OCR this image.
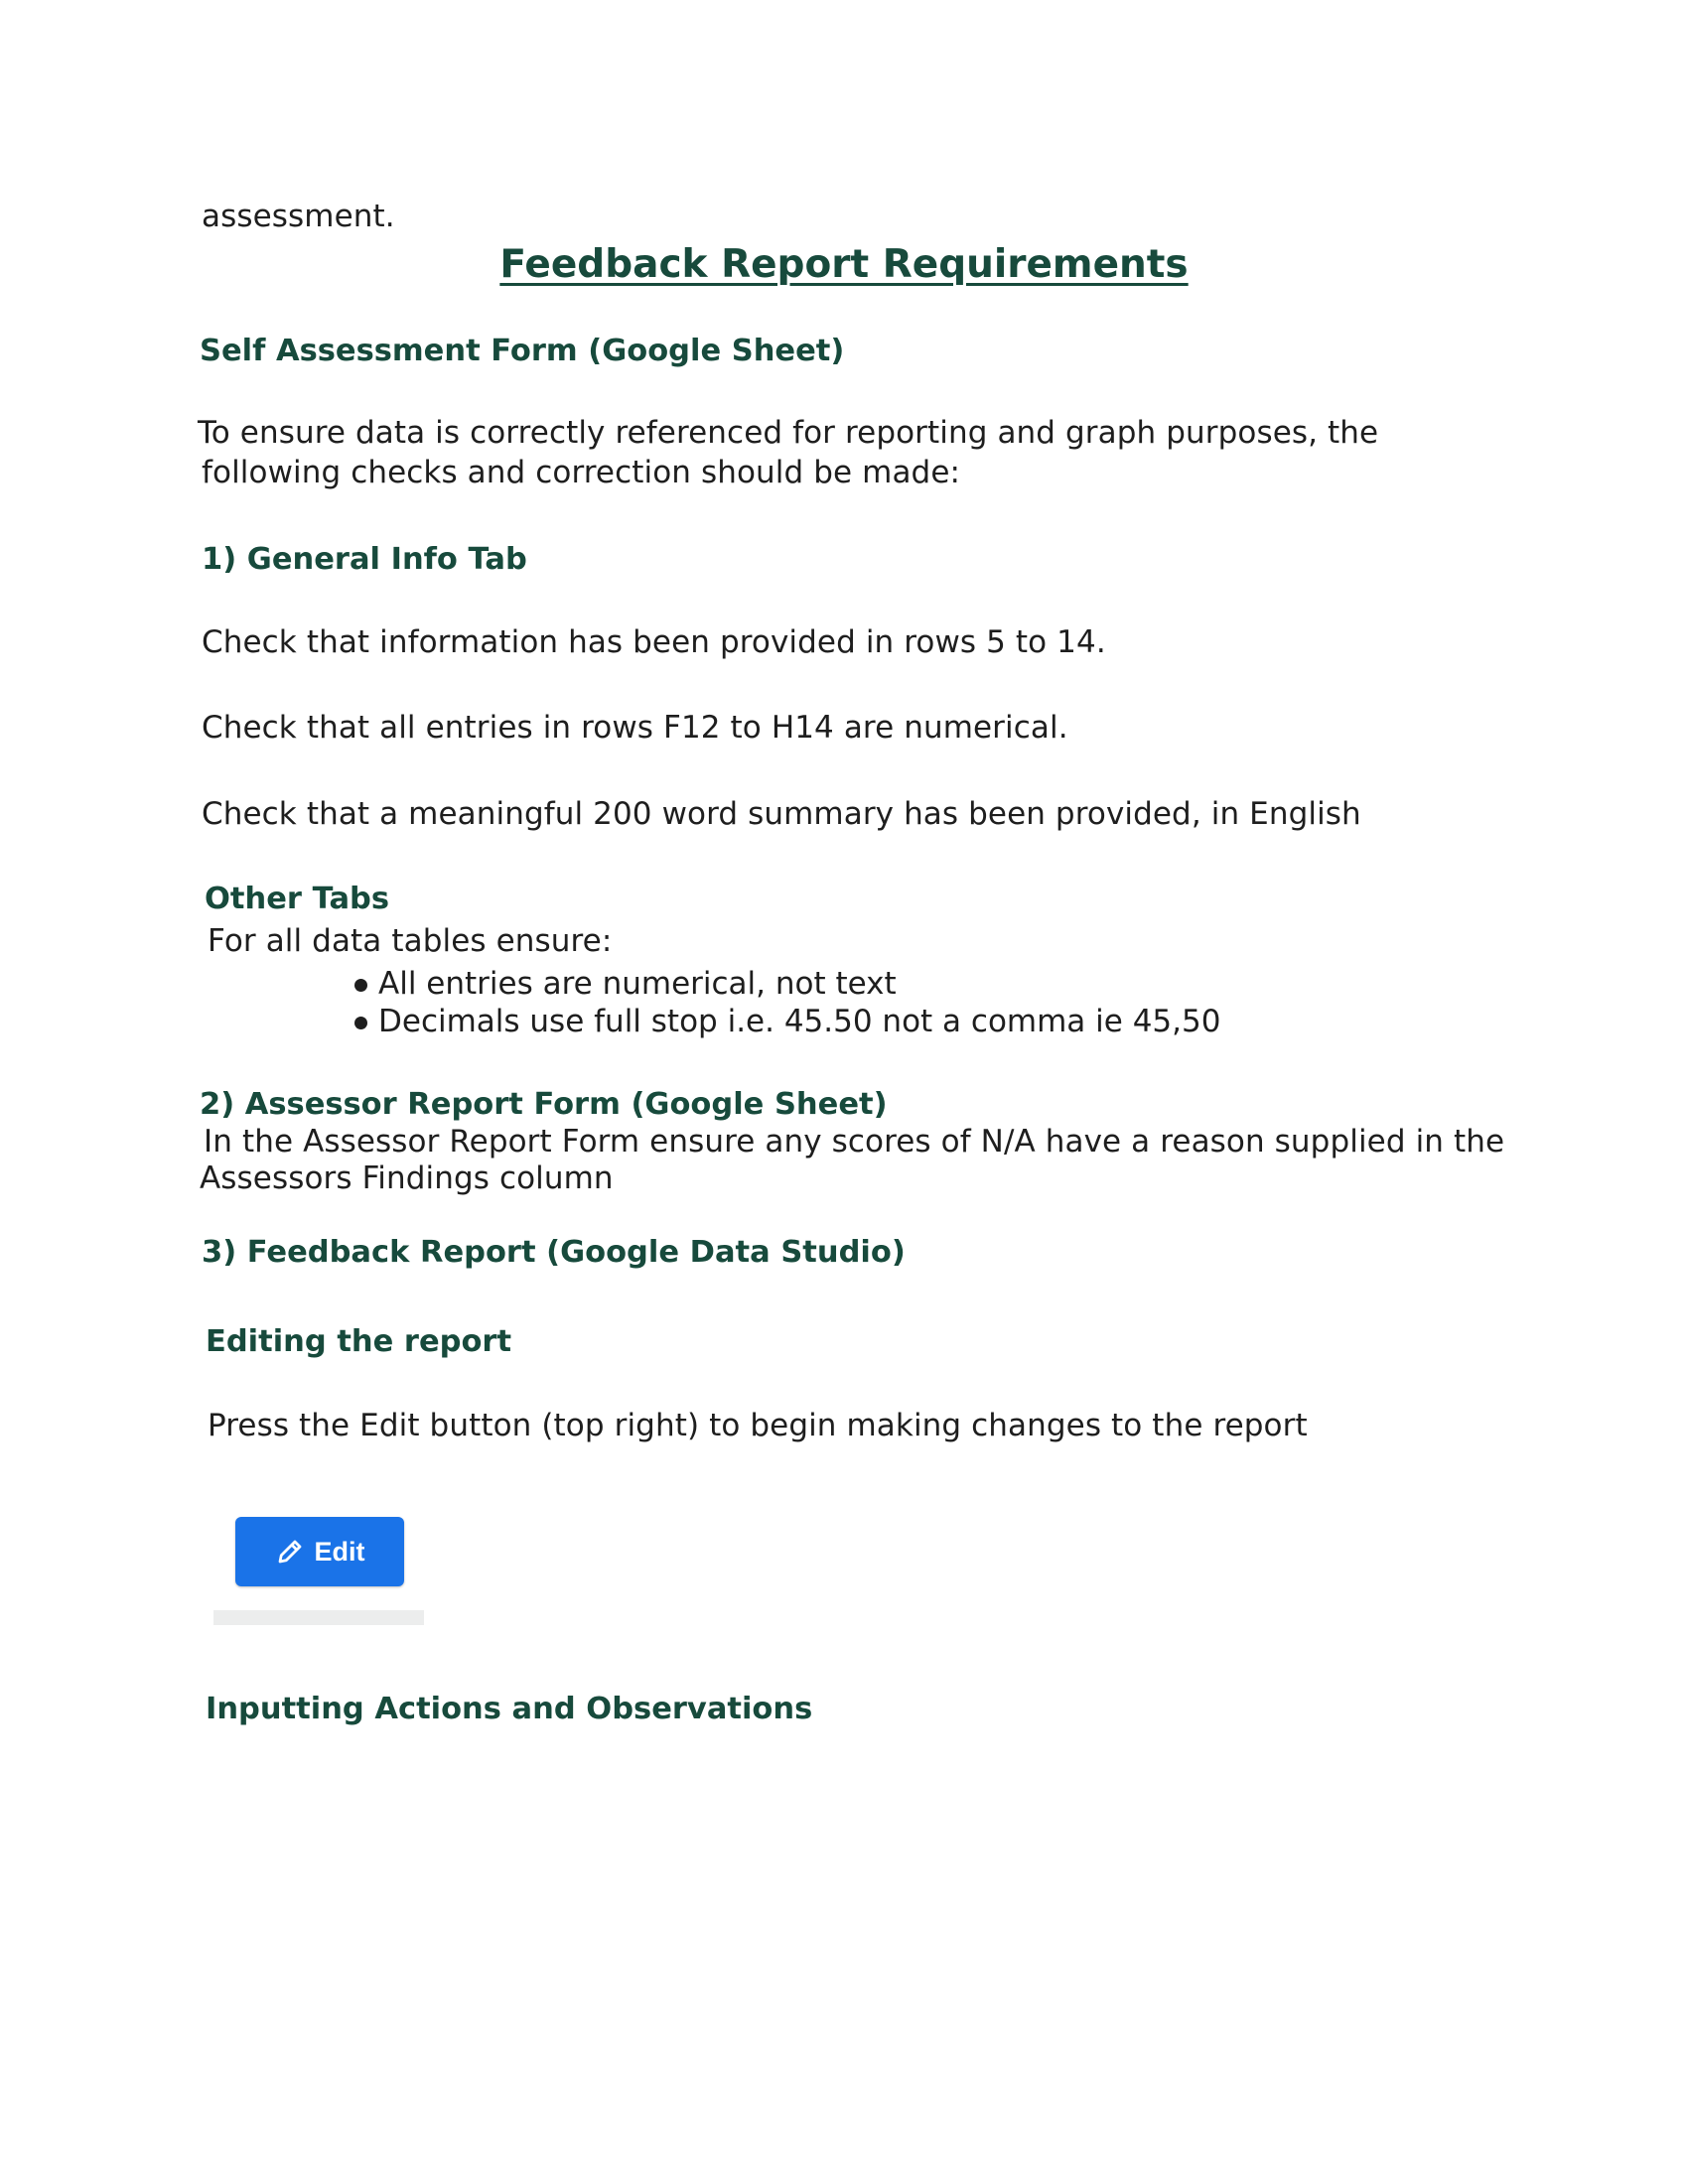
assessment.
Feedback Report Requirements
Self Assessment Form (Google Sheet)
To ensure data is correctly referenced for reporting and graph purposes, the
following checks and correction should be made:
1) General Info Tab
Check that information has been provided in rows 5 to 14.
Check that all entries in rows F12 to H14 are numerical.
Check that a meaningful 200 word summary has been provided, in English
Other Tabs
For all data tables ensure:
All entries are numerical, not text
Decimals use full stop i.e. 45.50 not a comma ie 45,50
2) Assessor Report Form (Google Sheet)
In the Assessor Report Form ensure any scores of N/A have a reason supplied in the
Assessors Findings column
3) Feedback Report (Google Data Studio)
Editing the report
Press the Edit button (top right) to begin making changes to the report
Edit
Inputting Actions and Observations
